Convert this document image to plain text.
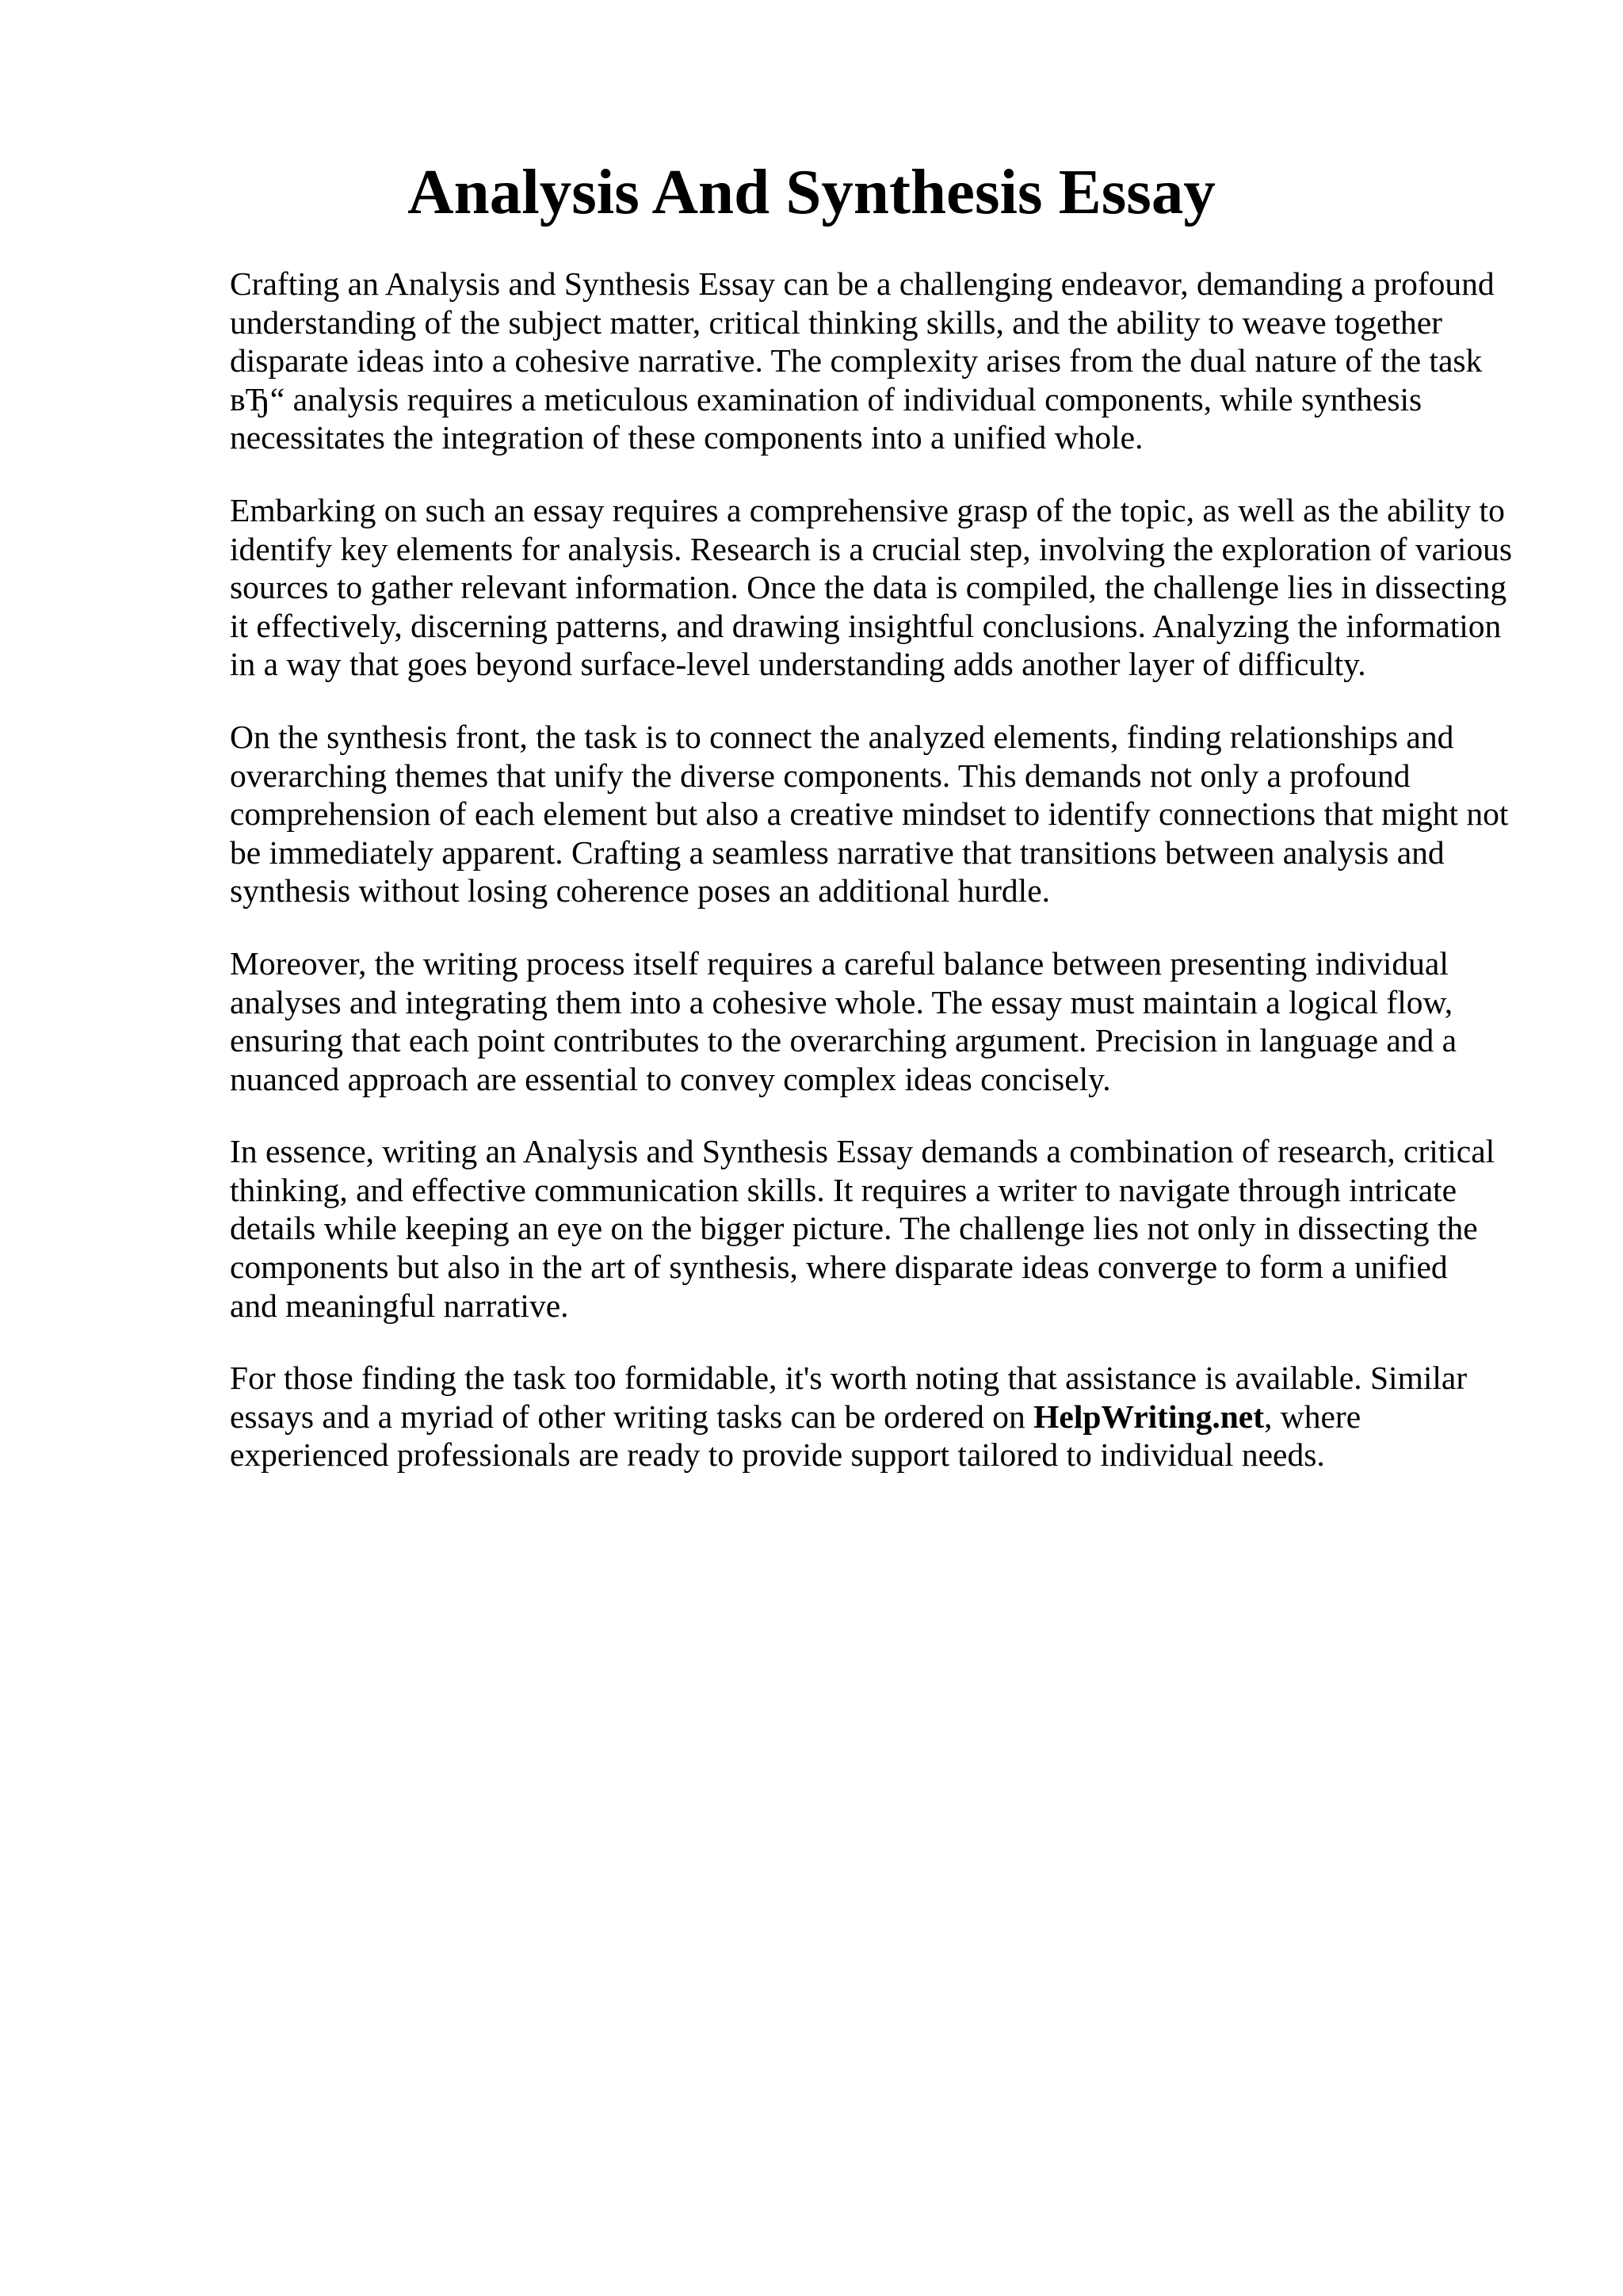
Analysis And Synthesis Essay

Crafting an Analysis and Synthesis Essay can be a challenging endeavor, demanding a profound
understanding of the subject matter, critical thinking skills, and the ability to weave together
disparate ideas into a cohesive narrative. The complexity arises from the dual nature of the task
вЂ“ analysis requires a meticulous examination of individual components, while synthesis
necessitates the integration of these components into a unified whole.

Embarking on such an essay requires a comprehensive grasp of the topic, as well as the ability to
identify key elements for analysis. Research is a crucial step, involving the exploration of various
sources to gather relevant information. Once the data is compiled, the challenge lies in dissecting
it effectively, discerning patterns, and drawing insightful conclusions. Analyzing the information
in a way that goes beyond surface-level understanding adds another layer of difficulty.

On the synthesis front, the task is to connect the analyzed elements, finding relationships and
overarching themes that unify the diverse components. This demands not only a profound
comprehension of each element but also a creative mindset to identify connections that might not
be immediately apparent. Crafting a seamless narrative that transitions between analysis and
synthesis without losing coherence poses an additional hurdle.

Moreover, the writing process itself requires a careful balance between presenting individual
analyses and integrating them into a cohesive whole. The essay must maintain a logical flow,
ensuring that each point contributes to the overarching argument. Precision in language and a
nuanced approach are essential to convey complex ideas concisely.

In essence, writing an Analysis and Synthesis Essay demands a combination of research, critical
thinking, and effective communication skills. It requires a writer to navigate through intricate
details while keeping an eye on the bigger picture. The challenge lies not only in dissecting the
components but also in the art of synthesis, where disparate ideas converge to form a unified
and meaningful narrative.

For those finding the task too formidable, it's worth noting that assistance is available. Similar
essays and a myriad of other writing tasks can be ordered on HelpWriting.net, where
experienced professionals are ready to provide support tailored to individual needs.
